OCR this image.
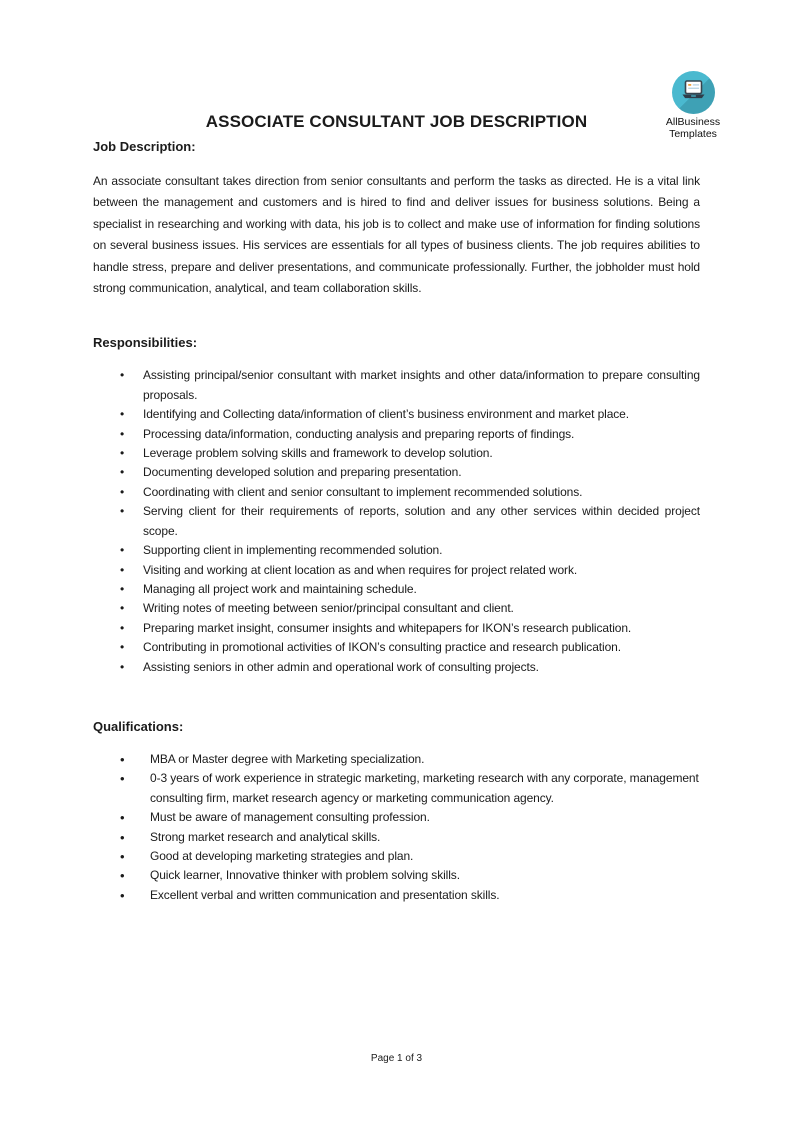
AllBusiness
Templates
ASSOCIATE CONSULTANT JOB DESCRIPTION
Job Description:

An associate consultant takes direction from senior consultants and perform the tasks as directed. He is a vital link between the management and customers and is hired to find and deliver issues for business solutions. Being a specialist in researching and working with data, his job is to collect and make use of information for finding solutions on several business issues. His services are essentials for all types of business clients. The job requires abilities to handle stress, prepare and deliver presentations, and communicate professionally. Further, the jobholder must hold strong communication, analytical, and team collaboration skills.

Responsibilities:
• Assisting principal/senior consultant with market insights and other data/information to prepare consulting proposals.
• Identifying and Collecting data/information of client’s business environment and market place.
• Processing data/information, conducting analysis and preparing reports of findings.
• Leverage problem solving skills and framework to develop solution.
• Documenting developed solution and preparing presentation.
• Coordinating with client and senior consultant to implement recommended solutions.
• Serving client for their requirements of reports, solution and any other services within decided project scope.
• Supporting client in implementing recommended solution.
• Visiting and working at client location as and when requires for project related work.
• Managing all project work and maintaining schedule.
• Writing notes of meeting between senior/principal consultant and client.
• Preparing market insight, consumer insights and whitepapers for IKON’s research publication.
• Contributing in promotional activities of IKON’s consulting practice and research publication.
• Assisting seniors in other admin and operational work of consulting projects.
Qualifications:
• MBA or Master degree with Marketing specialization.
• 0-3 years of work experience in strategic marketing, marketing research with any corporate, management consulting firm, market research agency or marketing communication agency.
• Must be aware of management consulting profession.
• Strong market research and analytical skills.
• Good at developing marketing strategies and plan.
• Quick learner, Innovative thinker with problem solving skills.
• Excellent verbal and written communication and presentation skills.
Page 1 of 3
